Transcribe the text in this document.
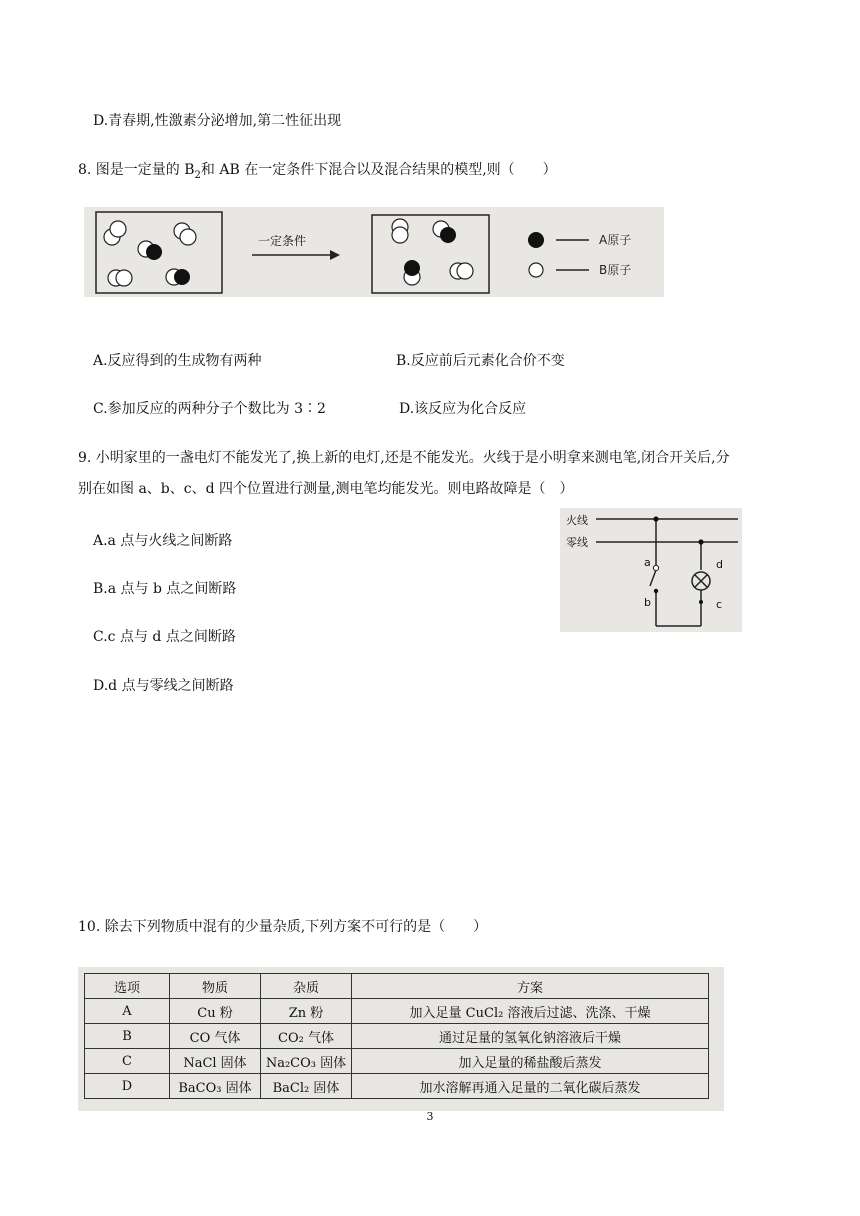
D.青春期,性激素分泌增加,第二性征出现
8. 图是一定量的 $B_2$和 AB 在一定条件下混合以及混合结果的模型,则（　　）
一定条件	A原子
B原子
A.反应得到的生成物有两种	B.反应前后元素化合价不变
C.参加反应的两种分子个数比为 3∶2	D.该反应为化合反应
9. 小明家里的一盏电灯不能发光了,换上新的电灯,还是不能发光。火线于是小明拿来测电笔,闭合开关后,分
别在如图 a、b、c、d 四个位置进行测量,测电笔均能发光。则电路故障是（　）
火线
零线
a
b	c
d
A.a 点与火线之间断路
B.a 点与 b 点之间断路
C.c 点与 d 点之间断路
D.d 点与零线之间断路
10. 除去下列物质中混有的少量杂质,下列方案不可行的是（　　）
选项	物质	杂质	方案
A	Cu 粉	Zn 粉	加入足量 CuCl₂ 溶液后过滤、洗涤、干燥
B	CO 气体	CO₂ 气体	通过足量的氢氧化钠溶液后干燥
C	NaCl 固体	Na₂CO₃ 固体	加入足量的稀盐酸后蒸发
D	BaCO₃ 固体	BaCl₂ 固体	加水溶解再通入足量的二氧化碳后蒸发
3
